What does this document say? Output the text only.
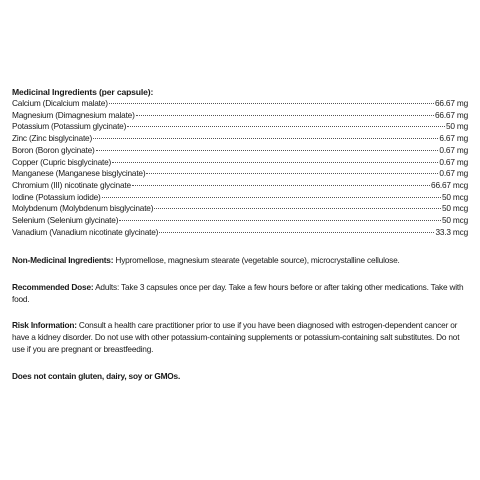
Medicinal Ingredients (per capsule):

Calcium (Dicalcium malate)	66.67 mg
Magnesium (Dimagnesium malate)	66.67 mg
Potassium (Potassium glycinate)	50 mg
Zinc (Zinc bisglycinate)	6.67 mg
Boron (Boron glycinate)	0.67 mg
Copper (Cupric bisglycinate)	0.67 mg
Manganese (Manganese bisglycinate)	0.67 mg
Chromium (III) nicotinate glycinate	66.67 mcg
Iodine (Potassium iodide)	50 mcg
Molybdenum (Molybdenum bisglycinate)	50 mcg
Selenium (Selenium glycinate)	50 mcg
Vanadium (Vanadium nicotinate glycinate)	33.3 mcg

Non-Medicinal Ingredients: Hypromellose, magnesium stearate (vegetable source), microcrystalline cellulose.

Recommended Dose: Adults: Take 3 capsules once per day. Take a few hours before or after taking other medications. Take with food.

Risk Information: Consult a health care practitioner prior to use if you have been diagnosed with estrogen-dependent cancer or have a kidney disorder. Do not use with other potassium-containing supplements or potassium-containing salt substitutes. Do not use if you are pregnant or breastfeeding.

Does not contain gluten, dairy, soy or GMOs.
